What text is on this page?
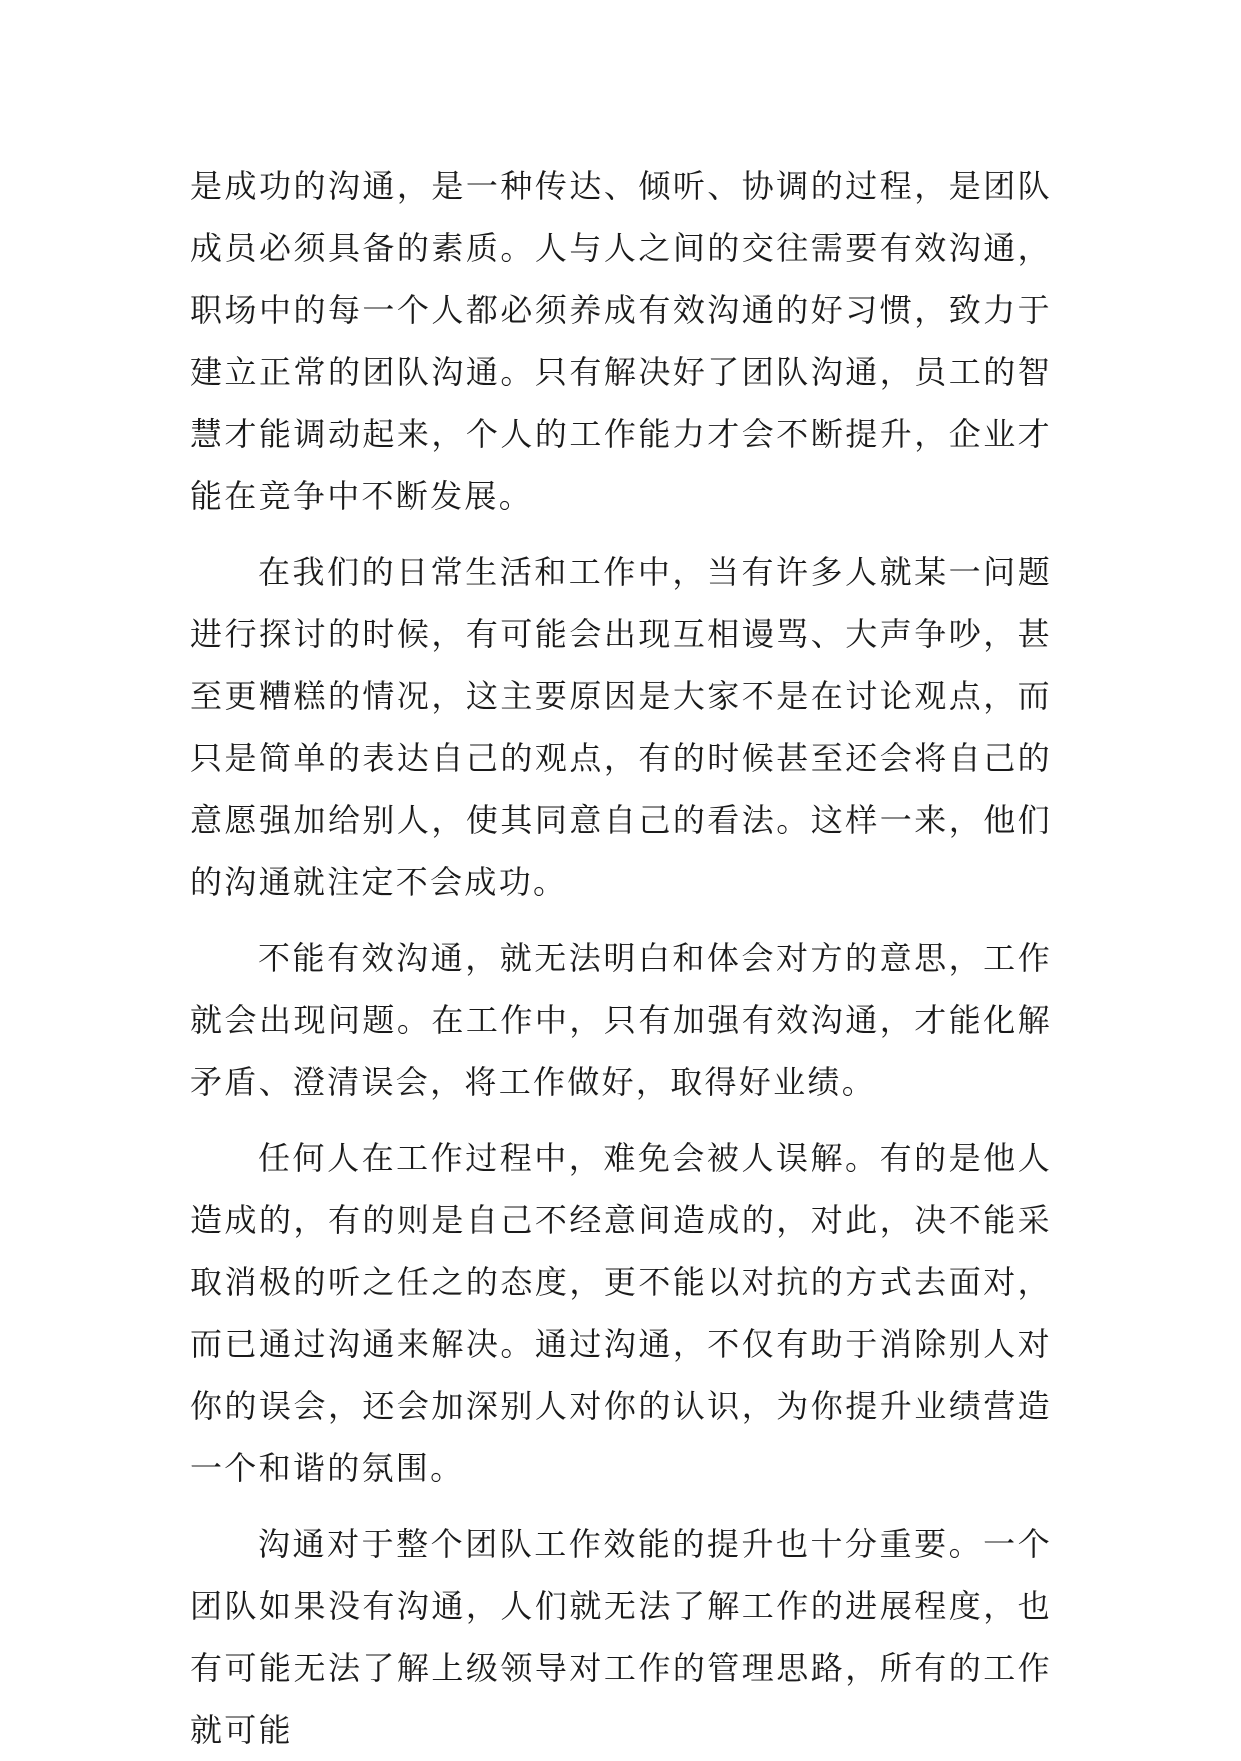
是成功的沟通，是一种传达、倾听、协调的过程，是团队成员必须具备的素质。人与人之间的交往需要有效沟通，职场中的每一个人都必须养成有效沟通的好习惯，致力于建立正常的团队沟通。只有解决好了团队沟通，员工的智慧才能调动起来，个人的工作能力才会不断提升，企业才能在竞争中不断发展。

在我们的日常生活和工作中，当有许多人就某一问题进行探讨的时候，有可能会出现互相谩骂、大声争吵，甚至更糟糕的情况，这主要原因是大家不是在讨论观点，而只是简单的表达自己的观点，有的时候甚至还会将自己的意愿强加给别人，使其同意自己的看法。这样一来，他们的沟通就注定不会成功。

不能有效沟通，就无法明白和体会对方的意思，工作就会出现问题。在工作中，只有加强有效沟通，才能化解矛盾、澄清误会，将工作做好，取得好业绩。

任何人在工作过程中，难免会被人误解。有的是他人造成的，有的则是自己不经意间造成的，对此，决不能采取消极的听之任之的态度，更不能以对抗的方式去面对，而已通过沟通来解决。通过沟通，不仅有助于消除别人对你的误会，还会加深别人对你的认识，为你提升业绩营造一个和谐的氛围。

沟通对于整个团队工作效能的提升也十分重要。一个团队如果没有沟通，人们就无法了解工作的进展程度，也有可能无法了解上级领导对工作的管理思路，所有的工作就可能
